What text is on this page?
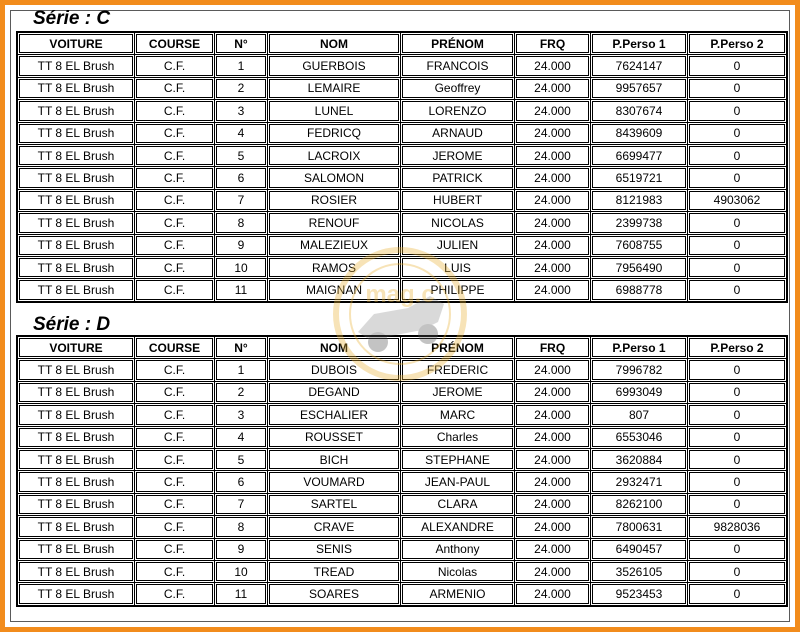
Série : C
VOITURE	COURSE	N°	NOM	PRÉNOM	FRQ	P.Perso 1	P.Perso 2
TT 8 EL Brush	C.F.	1	GUERBOIS	FRANCOIS	24.000	7624147	0
TT 8 EL Brush	C.F.	2	LEMAIRE	Geoffrey	24.000	9957657	0
TT 8 EL Brush	C.F.	3	LUNEL	LORENZO	24.000	8307674	0
TT 8 EL Brush	C.F.	4	FEDRICQ	ARNAUD	24.000	8439609	0
TT 8 EL Brush	C.F.	5	LACROIX	JEROME	24.000	6699477	0
TT 8 EL Brush	C.F.	6	SALOMON	PATRICK	24.000	6519721	0
TT 8 EL Brush	C.F.	7	ROSIER	HUBERT	24.000	8121983	4903062
TT 8 EL Brush	C.F.	8	RENOUF	NICOLAS	24.000	2399738	0
TT 8 EL Brush	C.F.	9	MALEZIEUX	JULIEN	24.000	7608755	0
TT 8 EL Brush	C.F.	10	RAMOS	LUIS	24.000	7956490	0
TT 8 EL Brush	C.F.	11	MAIGNAN	PHILIPPE	24.000	6988778	0
Série : D
VOITURE	COURSE	N°	NOM	PRÉNOM	FRQ	P.Perso 1	P.Perso 2
TT 8 EL Brush	C.F.	1	DUBOIS	FREDERIC	24.000	7996782	0
TT 8 EL Brush	C.F.	2	DEGAND	JEROME	24.000	6993049	0
TT 8 EL Brush	C.F.	3	ESCHALIER	MARC	24.000	807	0
TT 8 EL Brush	C.F.	4	ROUSSET	Charles	24.000	6553046	0
TT 8 EL Brush	C.F.	5	BICH	STEPHANE	24.000	3620884	0
TT 8 EL Brush	C.F.	6	VOUMARD	JEAN-PAUL	24.000	2932471	0
TT 8 EL Brush	C.F.	7	SARTEL	CLARA	24.000	8262100	0
TT 8 EL Brush	C.F.	8	CRAVE	ALEXANDRE	24.000	7800631	9828036
TT 8 EL Brush	C.F.	9	SENIS	Anthony	24.000	6490457	0
TT 8 EL Brush	C.F.	10	TREAD	Nicolas	24.000	3526105	0
TT 8 EL Brush	C.F.	11	SOARES	ARMENIO	24.000	9523453	0
mag.c
